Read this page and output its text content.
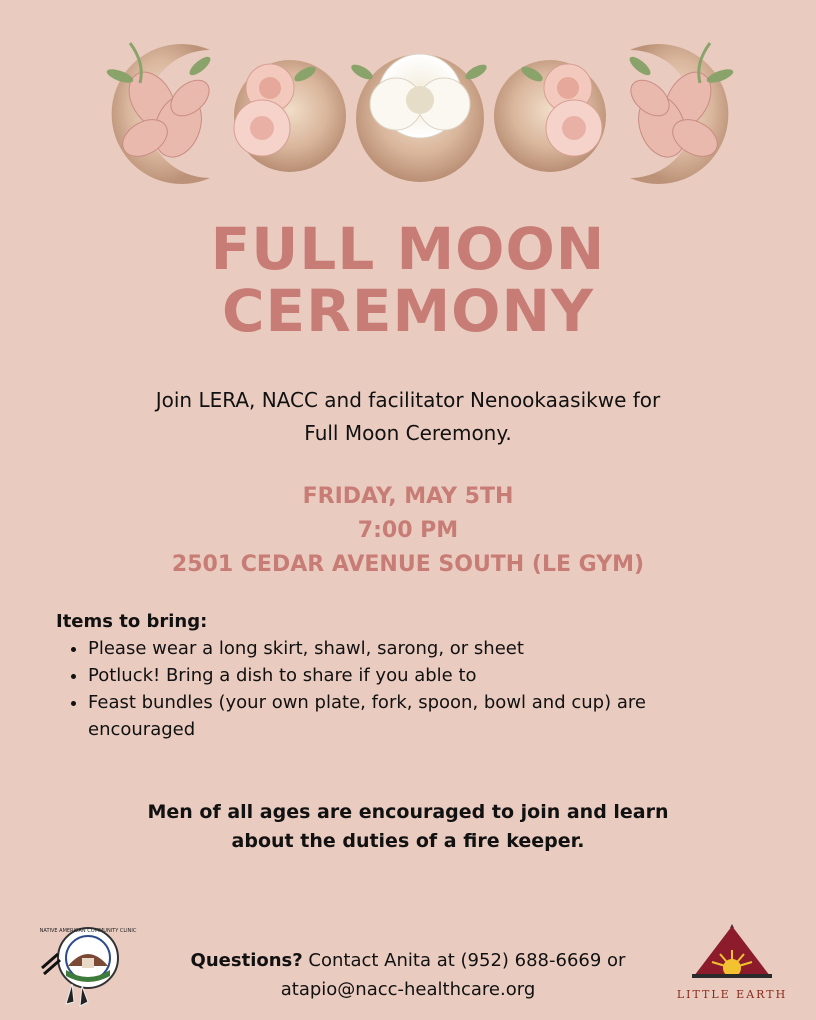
FULL MOON
CEREMONY
Join LERA, NACC and facilitator Nenookaasikwe for
Full Moon Ceremony.
FRIDAY, MAY 5TH
7:00 PM
2501 CEDAR AVENUE SOUTH (LE GYM)
Items to bring:
• Please wear a long skirt, shawl, sarong, or sheet
• Potluck! Bring a dish to share if you able to
• Feast bundles (your own plate, fork, spoon, bowl and cup) are encouraged
Men of all ages are encouraged to join and learn
about the duties of a fire keeper.
Questions? Contact Anita at (952) 688-6669 or
atapio@nacc-healthcare.org
NATIVE AMERICAN COMMUNITY CLINIC
LITTLE EARTH
